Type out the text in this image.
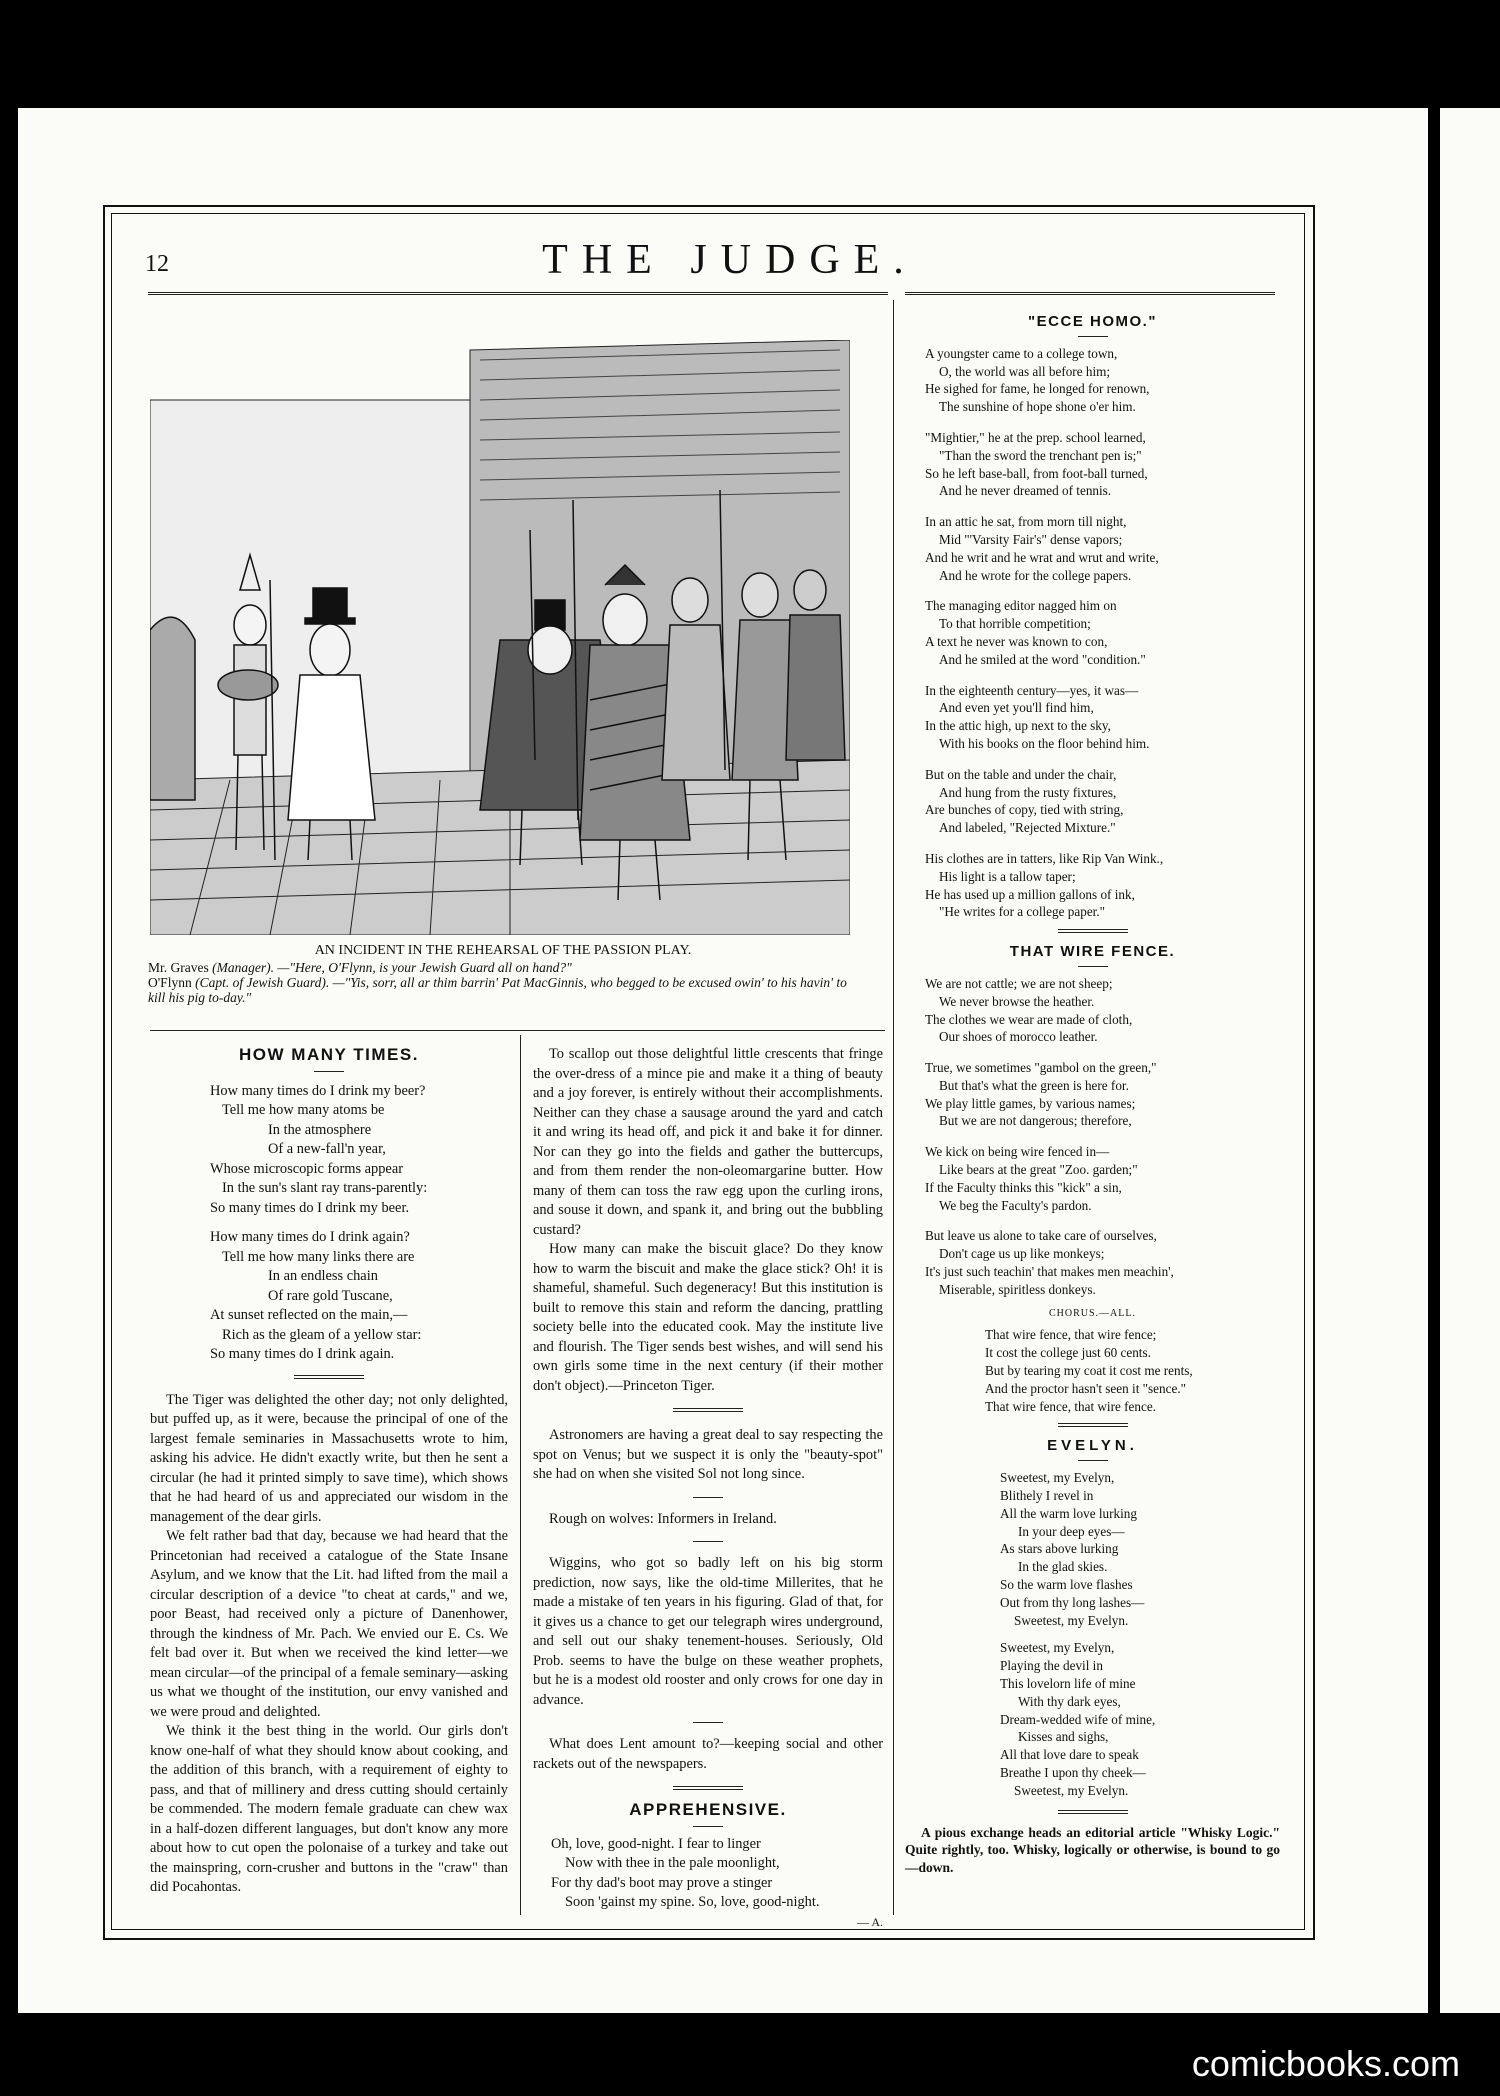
12	THE JUDGE.
AN INCIDENT IN THE REHEARSAL OF THE PASSION PLAY.
Mr. Graves (Manager). —"Here, O'Flynn, is your Jewish Guard all on hand?"
O'Flynn (Capt. of Jewish Guard). —"Yis, sorr, all ar thim barrin' Pat MacGinnis, who begged to be excused owin' to his havin' to kill his pig to-day."
HOW MANY TIMES.
How many times do I drink my beer?
Tell me how many atoms be
In the atmosphere
Of a new-fall'n year,
Whose microscopic forms appear
In the sun's slant ray trans-parently:
So many times do I drink my beer.
How many times do I drink again?
Tell me how many links there are
In an endless chain
Of rare gold Tuscane,
At sunset reflected on the main,—
Rich as the gleam of a yellow star:
So many times do I drink again.

The Tiger was delighted the other day; not only delighted, but puffed up, as it were, because the principal of one of the largest female seminaries in Massachusetts wrote to him, asking his advice. He didn't exactly write, but then he sent a circular (he had it printed simply to save time), which shows that he had heard of us and appreciated our wisdom in the management of the dear girls.

We felt rather bad that day, because we had heard that the Princetonian had received a catalogue of the State Insane Asylum, and we know that the Lit. had lifted from the mail a circular description of a device "to cheat at cards," and we, poor Beast, had received only a picture of Danenhower, through the kindness of Mr. Pach. We envied our E. Cs. We felt bad over it. But when we received the kind letter—we mean circular—of the principal of a female seminary—asking us what we thought of the institution, our envy vanished and we were proud and delighted.

We think it the best thing in the world. Our girls don't know one-half of what they should know about cooking, and the addition of this branch, with a requirement of eighty to pass, and that of millinery and dress cutting should certainly be commended. The modern female graduate can chew wax in a half-dozen different languages, but don't know any more about how to cut open the polonaise of a turkey and take out the mainspring, corn-crusher and buttons in the "craw" than did Pocahontas.

To scallop out those delightful little crescents that fringe the over-dress of a mince pie and make it a thing of beauty and a joy forever, is entirely without their accomplishments. Neither can they chase a sausage around the yard and catch it and wring its head off, and pick it and bake it for dinner. Nor can they go into the fields and gather the buttercups, and from them render the non-oleomargarine butter. How many of them can toss the raw egg upon the curling irons, and souse it down, and spank it, and bring out the bubbling custard?

How many can make the biscuit glace? Do they know how to warm the biscuit and make the glace stick? Oh! it is shameful, shameful. Such degeneracy! But this institution is built to remove this stain and reform the dancing, prattling society belle into the educated cook. May the institute live and flourish. The Tiger sends best wishes, and will send his own girls some time in the next century (if their mother don't object).—Princeton Tiger.

Astronomers are having a great deal to say respecting the spot on Venus; but we suspect it is only the "beauty-spot" she had on when she visited Sol not long since.

Rough on wolves: Informers in Ireland.

Wiggins, who got so badly left on his big storm prediction, now says, like the old-time Millerites, that he made a mistake of ten years in his figuring. Glad of that, for it gives us a chance to get our telegraph wires underground, and sell out our shaky tenement-houses. Seriously, Old Prob. seems to have the bulge on these weather prophets, but he is a modest old rooster and only crows for one day in advance.

What does Lent amount to?—keeping social and other rackets out of the newspapers.

APPREHENSIVE.
Oh, love, good-night. I fear to linger
Now with thee in the pale moonlight,
For thy dad's boot may prove a stinger
Soon 'gainst my spine. So, love, good-night.
— A.
"ECCE HOMO."
A youngster came to a college town,
O, the world was all before him;
He sighed for fame, he longed for renown,
The sunshine of hope shone o'er him.
"Mightier," he at the prep. school learned,
"Than the sword the trenchant pen is;"
So he left base-ball, from foot-ball turned,
And he never dreamed of tennis.
In an attic he sat, from morn till night,
Mid "'Varsity Fair's" dense vapors;
And he writ and he wrat and wrut and write,
And he wrote for the college papers.
The managing editor nagged him on
To that horrible competition;
A text he never was known to con,
And he smiled at the word "condition."
In the eighteenth century—yes, it was—
And even yet you'll find him,
In the attic high, up next to the sky,
With his books on the floor behind him.
But on the table and under the chair,
And hung from the rusty fixtures,
Are bunches of copy, tied with string,
And labeled, "Rejected Mixture."
His clothes are in tatters, like Rip Van Wink.,
His light is a tallow taper;
He has used up a million gallons of ink,
"He writes for a college paper."
THAT WIRE FENCE.
We are not cattle; we are not sheep;
We never browse the heather.
The clothes we wear are made of cloth,
Our shoes of morocco leather.
True, we sometimes "gambol on the green,"
But that's what the green is here for.
We play little games, by various names;
But we are not dangerous; therefore,
We kick on being wire fenced in—
Like bears at the great "Zoo. garden;"
If the Faculty thinks this "kick" a sin,
We beg the Faculty's pardon.
But leave us alone to take care of ourselves,
Don't cage us up like monkeys;
It's just such teachin' that makes men meachin',
Miserable, spiritless donkeys.
CHORUS.—ALL.
That wire fence, that wire fence;
It cost the college just 60 cents.
But by tearing my coat it cost me rents,
And the proctor hasn't seen it "sence."
That wire fence, that wire fence.
EVELYN.
Sweetest, my Evelyn,
Blithely I revel in
All the warm love lurking
In your deep eyes—
As stars above lurking
In the glad skies.
So the warm love flashes
Out from thy long lashes—
Sweetest, my Evelyn.
Sweetest, my Evelyn,
Playing the devil in
This lovelorn life of mine
With thy dark eyes,
Dream-wedded wife of mine,
Kisses and sighs,
All that love dare to speak
Breathe I upon thy cheek—
Sweetest, my Evelyn.

A pious exchange heads an editorial article "Whisky Logic." Quite rightly, too. Whisky, logically or otherwise, is bound to go—down.

comicbooks.com
